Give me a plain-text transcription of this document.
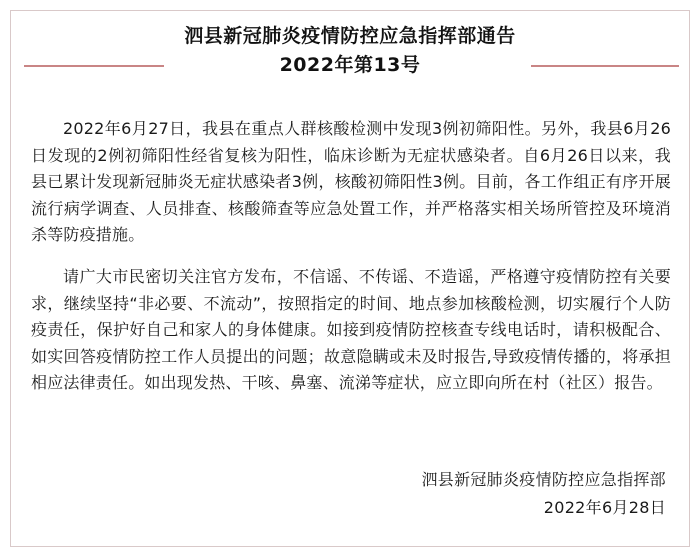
泗县新冠肺炎疫情防控应急指挥部通告
2022年第13号

2022年6月27日，我县在重点人群核酸检测中发现3例初筛阳性。另外，我县6月26日发现的2例初筛阳性经省复核为阳性，临床诊断为无症状感染者。自6月26日以来，我县已累计发现新冠肺炎无症状感染者3例，核酸初筛阳性3例。目前，各工作组正有序开展流行病学调查、人员排查、核酸筛查等应急处置工作，并严格落实相关场所管控及环境消杀等防疫措施。

请广大市民密切关注官方发布，不信谣、不传谣、不造谣，严格遵守疫情防控有关要求，继续坚持“非必要、不流动”，按照指定的时间、地点参加核酸检测，切实履行个人防疫责任，保护好自己和家人的身体健康。如接到疫情防控核查专线电话时，请积极配合、如实回答疫情防控工作人员提出的问题；故意隐瞒或未及时报告,导致疫情传播的，将承担相应法律责任。如出现发热、干咳、鼻塞、流涕等症状，应立即向所在村（社区）报告。

泗县新冠肺炎疫情防控应急指挥部
2022年6月28日
